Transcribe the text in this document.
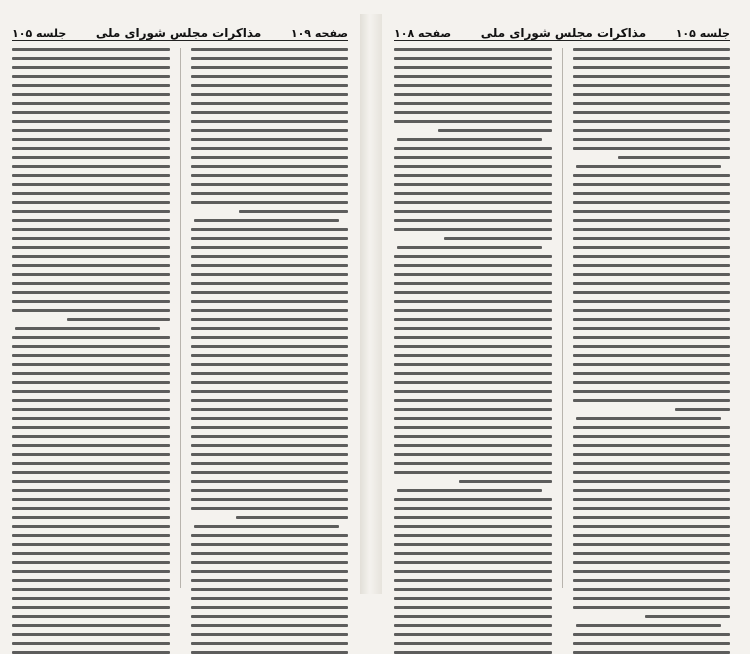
صفحه ۱۰۹
مذاکرات مجلس شورای ملی
جلسه ۱۰۵	جلسه ۱۰۵
مذاکرات مجلس شورای ملی
صفحه ۱۰۸
